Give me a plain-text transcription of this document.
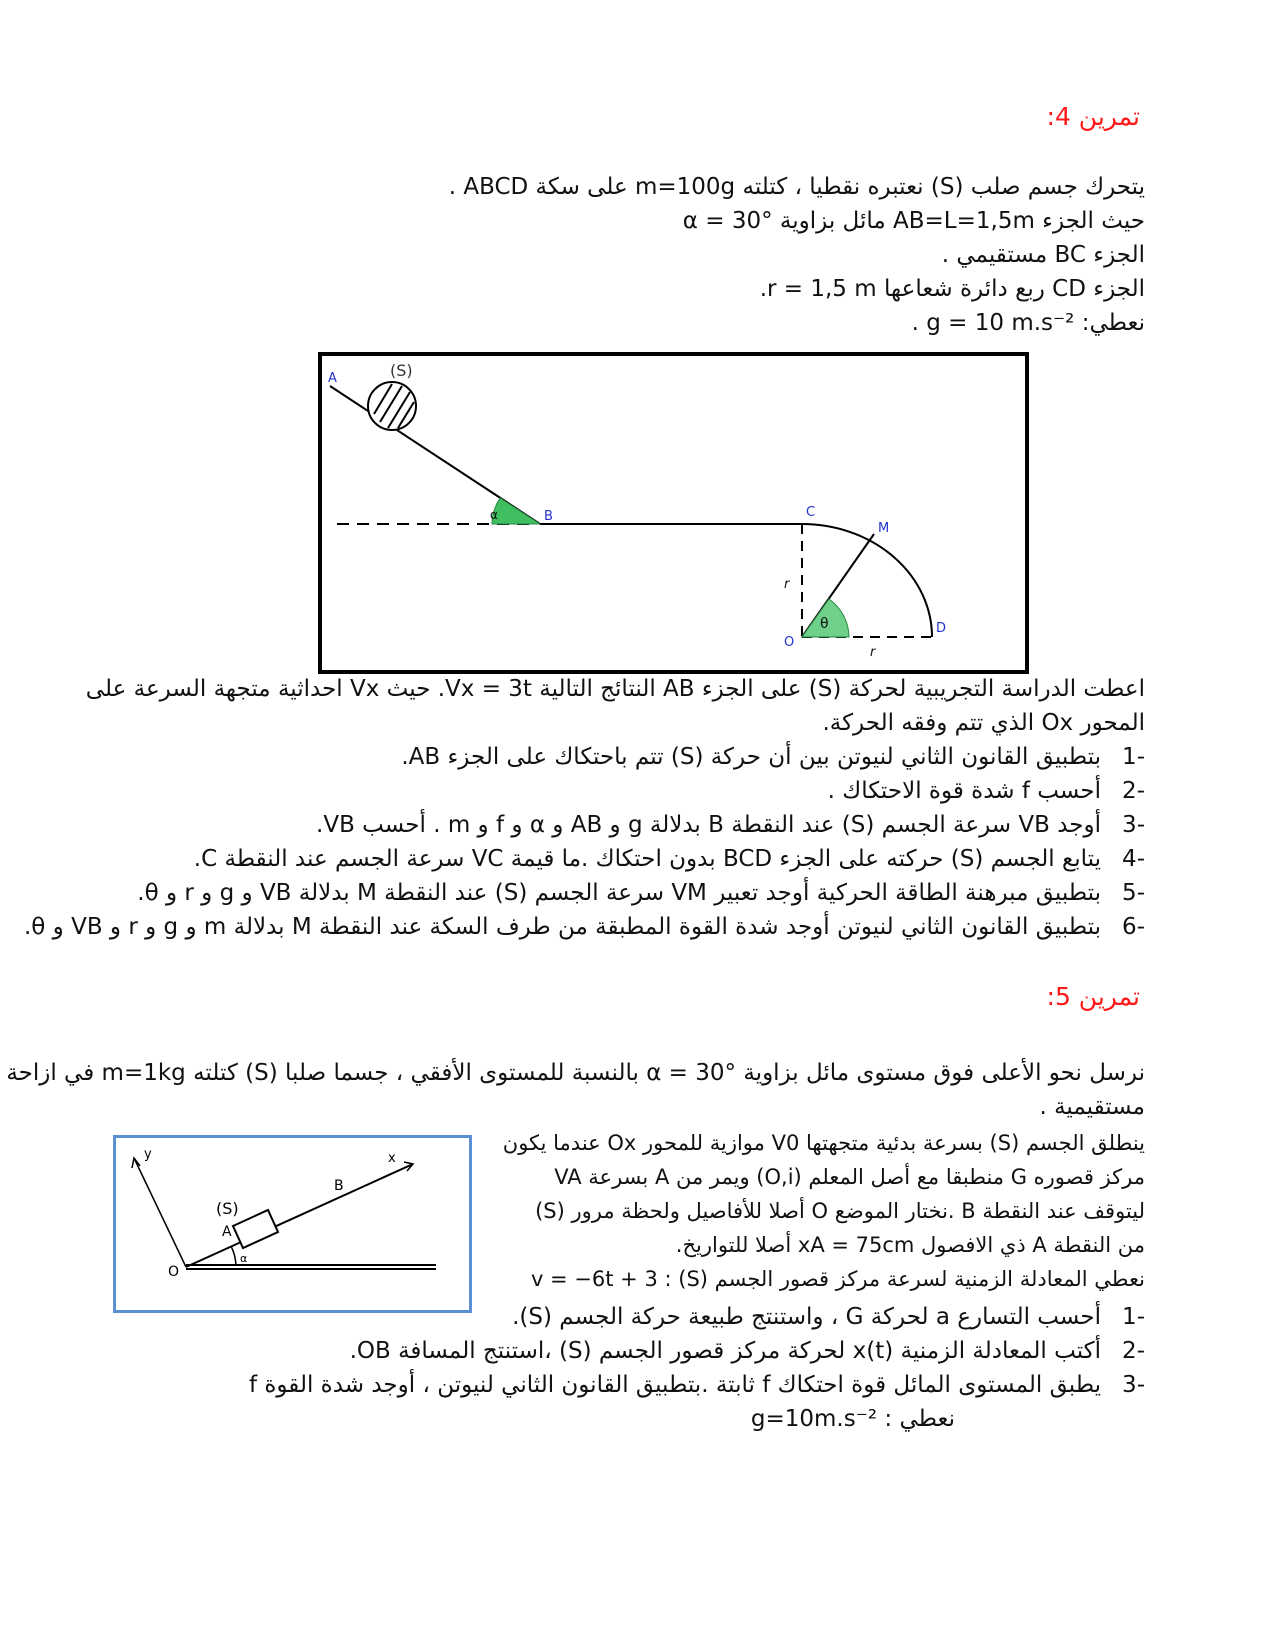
تمرين 4:
يتحرك جسم صلب (S) نعتبره نقطيا ، كتلته m=100g على سكة ABCD .
حيث الجزء AB=L=1,5m مائل بزاوية α = 30°
الجزء BC مستقيمي .
الجزء CD ربع دائرة شعاعها r = 1,5 m.
نعطي: g = 10 m.s⁻² .
A
B	C
M
O
D
(S)
α
θ
r
r
اعطت الدراسة التجريبية لحركة (S) على الجزء AB النتائج التالية Vx = 3t. حيث Vx احداثية متجهة السرعة على
المحور Ox الذي تتم وفقه الحركة.
-1
بتطبيق القانون الثاني لنيوتن بين أن حركة (S) تتم باحتكاك على الجزء AB.
-2
أحسب f شدة قوة الاحتكاك .
-3
أوجد VB سرعة الجسم (S) عند النقطة B بدلالة g و AB و α و f و m . أحسب VB.
-4
يتابع الجسم (S) حركته على الجزء BCD بدون احتكاك .ما قيمة VC سرعة الجسم عند النقطة C.
-5
بتطبيق مبرهنة الطاقة الحركية أوجد تعبير VM سرعة الجسم (S) عند النقطة M بدلالة VB و g و r و θ.
-6
بتطبيق القانون الثاني لنيوتن أوجد شدة القوة المطبقة من طرف السكة عند النقطة M بدلالة m و g و r و VB و θ.
تمرين 5:
نرسل نحو الأعلى فوق مستوى مائل بزاوية α = 30° بالنسبة للمستوى الأفقي ، جسما صلبا (S) كتلته m=1kg في ازاحة
مستقيمية .
y	x
O
A
B
(S)
α
ينطلق الجسم (S) بسرعة بدئية متجهتها V0 موازية للمحور Ox عندما يكون
مركز قصوره G منطبقا مع أصل المعلم (O,i) ويمر من A بسرعة VA
ليتوقف عند النقطة B .نختار الموضع O أصلا للأفاصيل ولحظة مرور (S)
من النقطة A ذي الافصول xA = 75cm أصلا للتواريخ.
نعطي المعادلة الزمنية لسرعة مركز قصور الجسم (S) : v = −6t + 3
-1
أحسب التسارع a لحركة G ، واستنتج طبيعة حركة الجسم (S).
-2
أكتب المعادلة الزمنية x(t) لحركة مركز قصور الجسم (S) ،استنتج المسافة OB.
-3
يطبق المستوى المائل قوة احتكاك f ثابتة .بتطبيق القانون الثاني لنيوتن ، أوجد شدة القوة f
نعطي : g=10m.s⁻²
